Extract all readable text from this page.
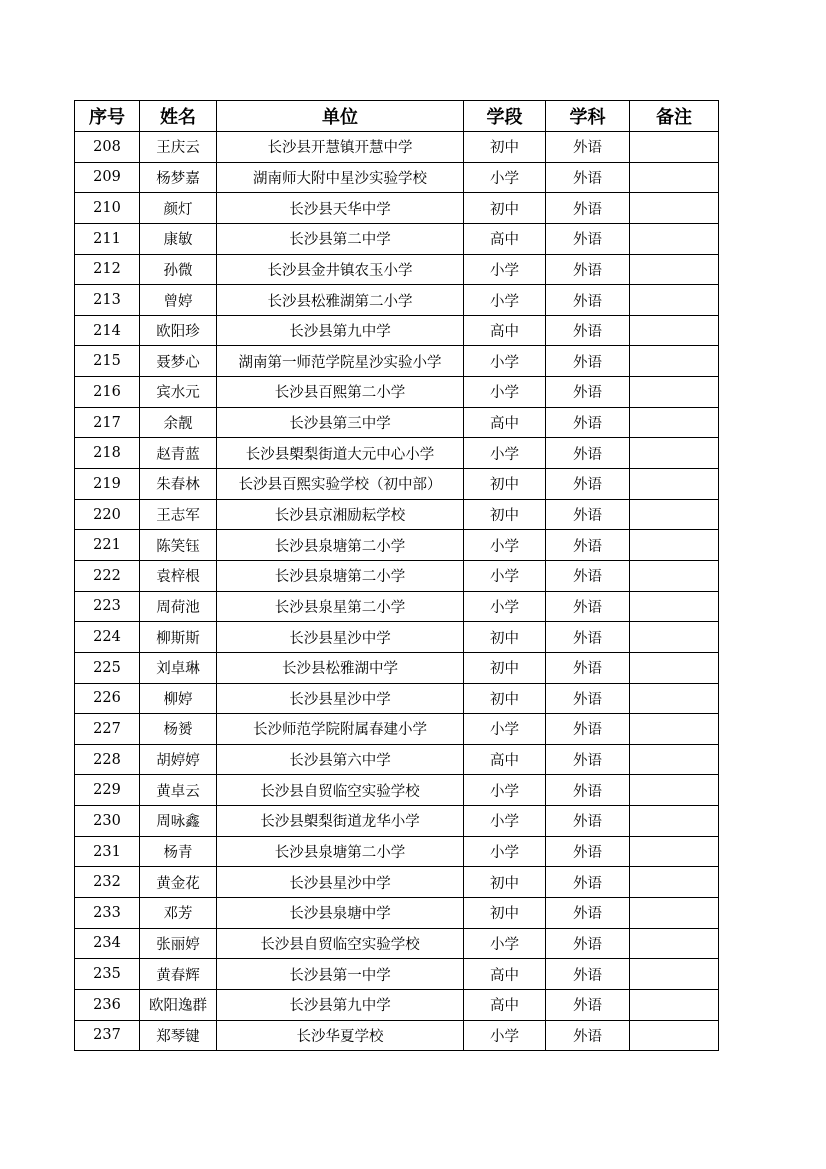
序号	姓名	单位	学段	学科	备注
208	王庆云	长沙县开慧镇开慧中学	初中	外语	
209	杨梦嘉	湖南师大附中星沙实验学校	小学	外语	
210	颜灯	长沙县天华中学	初中	外语	
211	康敏	长沙县第二中学	高中	外语	
212	孙微	长沙县金井镇农玉小学	小学	外语	
213	曾婷	长沙县松雅湖第二小学	小学	外语	
214	欧阳珍	长沙县第九中学	高中	外语	
215	聂梦心	湖南第一师范学院星沙实验小学	小学	外语	
216	宾水元	长沙县百熙第二小学	小学	外语	
217	余靓	长沙县第三中学	高中	外语	
218	赵青蓝	长沙县㮾梨街道大元中心小学	小学	外语	
219	朱春林	长沙县百熙实验学校（初中部）	初中	外语	
220	王志军	长沙县京湘励耘学校	初中	外语	
221	陈笑钰	长沙县泉塘第二小学	小学	外语	
222	袁梓根	长沙县泉塘第二小学	小学	外语	
223	周荷池	长沙县泉星第二小学	小学	外语	
224	柳斯斯	长沙县星沙中学	初中	外语	
225	刘卓琳	长沙县松雅湖中学	初中	外语	
226	柳婷	长沙县星沙中学	初中	外语	
227	杨赟	长沙师范学院附属春建小学	小学	外语	
228	胡婷婷	长沙县第六中学	高中	外语	
229	黄卓云	长沙县自贸临空实验学校	小学	外语	
230	周咏鑫	长沙县㮾梨街道龙华小学	小学	外语	
231	杨青	长沙县泉塘第二小学	小学	外语	
232	黄金花	长沙县星沙中学	初中	外语	
233	邓芳	长沙县泉塘中学	初中	外语	
234	张丽婷	长沙县自贸临空实验学校	小学	外语	
235	黄春辉	长沙县第一中学	高中	外语	
236	欧阳逸群	长沙县第九中学	高中	外语	
237	郑琴键	长沙华夏学校	小学	外语	
